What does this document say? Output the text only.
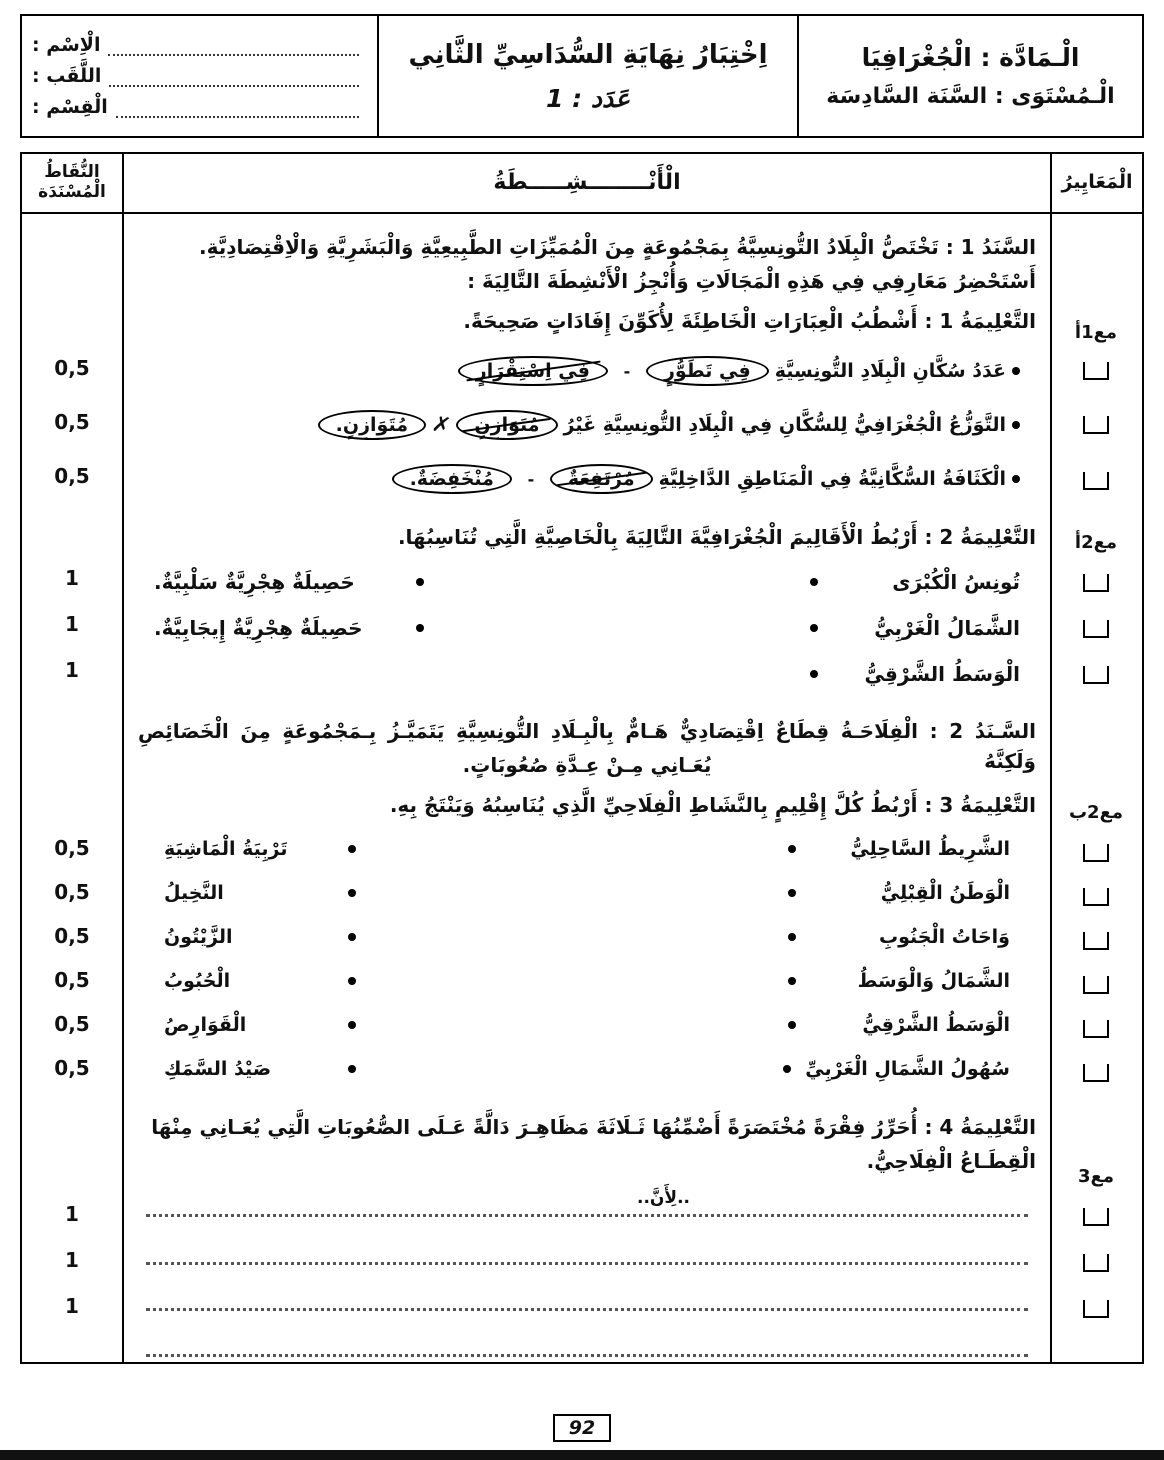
الْـمَادَّة : الْجُغْرَافِيَا
الْـمُسْتَوَى : السَّنَة السَّادِسَة
اِخْتِبَارُ نِهَايَةِ السُّدَاسِيِّ الثَّانِي
عَدَد : 1
الْاِسْم :
اللَّقَب :
الْقِسْم :
الْمَعَايِيرُ
مع1أ
مع2أ
مع2ب
مع3
الْأَنْــــــــشِـــــطَةُ
السَّنَدُ 1 : تَخْتَصُّ الْبِلَادُ التُّونِسِيَّةُ بِمَجْمُوعَةٍ مِنَ الْمُمَيِّزَاتِ الطَّبِيعِيَّةِ وَالْبَشَرِيَّةِ وَالْاِقْتِصَادِيَّةِ.
أَسْتَحْضِرُ مَعَارِفِي فِي هَذِهِ الْمَجَالَاتِ وَأُنْجِزُ الْأَنْشِطَةَ التَّالِيَةَ :
التَّعْلِيمَةُ 1 : أَشْطُبُ الْعِبَارَاتِ الْخَاطِئَةَ لِأُكَوِّنَ إِفَادَاتٍ صَحِيحَةً.
عَدَدُ سُكَّانِ الْبِلَادِ التُّونِسِيَّةِ
فِي تَطَوُّرٍ
-
فِي اِسْتِقْرَارٍ
التَّوَزُّعُ الْجُغْرَافِيُّ لِلسُّكَّانِ فِي الْبِلَادِ التُّونِسِيَّةِ غَيْرُ
مُتَوَازِنٍ
✗
مُتَوَازِنٍ.
الْكَثَافَةُ السُّكَّانِيَّةُ فِي الْمَنَاطِقِ الدَّاخِلِيَّةِ
مُرْتَفِعَةٌ
-
مُنْخَفِضَةٌ.
التَّعْلِيمَةُ 2 : أَرْبُطُ الْأَقَالِيمَ الْجُغْرَافِيَّةَ التَّالِيَةَ بِالْخَاصِيَّةِ الَّتِي تُنَاسِبُهَا.
تُونِسُ الْكُبْرَى
حَصِيلَةٌ هِجْرِيَّةٌ سَلْبِيَّةٌ.
الشَّمَالُ الْغَرْبِيُّ
الْوَسَطُ الشَّرْقِيُّ
حَصِيلَةٌ هِجْرِيَّةٌ إِيجَابِيَّةٌ.
السَّـنَدُ 2 : الْفِلَاحَـةُ قِطَاعٌ اِقْتِصَادِيٌّ هَـامٌّ بِالْبِـلَادِ التُّونِسِيَّةِ يَتَمَيَّـزُ بِـمَجْمُوعَةٍ مِنَ الْخَصَائِصِ وَلَكِنَّهُ
يُعَـانِي مِـنْ عِـدَّةِ صُعُوبَاتٍ.
التَّعْلِيمَةُ 3 : أَرْبُطُ كُلَّ إِقْلِيمٍ بِالنَّشَاطِ الْفِلَاحِيِّ الَّذِي يُنَاسِبُهُ وَيَنْتَجُ بِهِ.
الشَّرِيطُ السَّاحِلِيُّ
تَرْبِيَةُ الْمَاشِيَةِ
الْوَطَنُ الْقِبْلِيُّ
النَّخِيلُ
وَاحَاتُ الْجَنُوبِ
الزَّيْتُونُ
الشَّمَالُ وَالْوَسَطُ
الْحُبُوبُ
الْوَسَطُ الشَّرْقِيُّ
الْقَوَارِصُ
سُهُولُ الشَّمَالِ الْغَرْبِيِّ
صَيْدُ السَّمَكِ
التَّعْلِيمَةُ 4 : أُحَرِّرُ فِقْرَةً مُخْتَصَرَةً أَضْمِّنُهَا ثَـلَاثَةَ مَظَاهِـرَ دَالَّةً عَـلَى الصُّعُوبَاتِ الَّتِي يُعَـانِي مِنْهَا
الْقِطَـاعُ الْفِلَاحِيُّ.
..لِأَنَّ..
النُّقَاطُ
الْمُسْنَدَة
0,5
0,5
0,5
1
1
1
0,5
0,5
0,5
0,5
0,5
0,5
1
1
1
92
